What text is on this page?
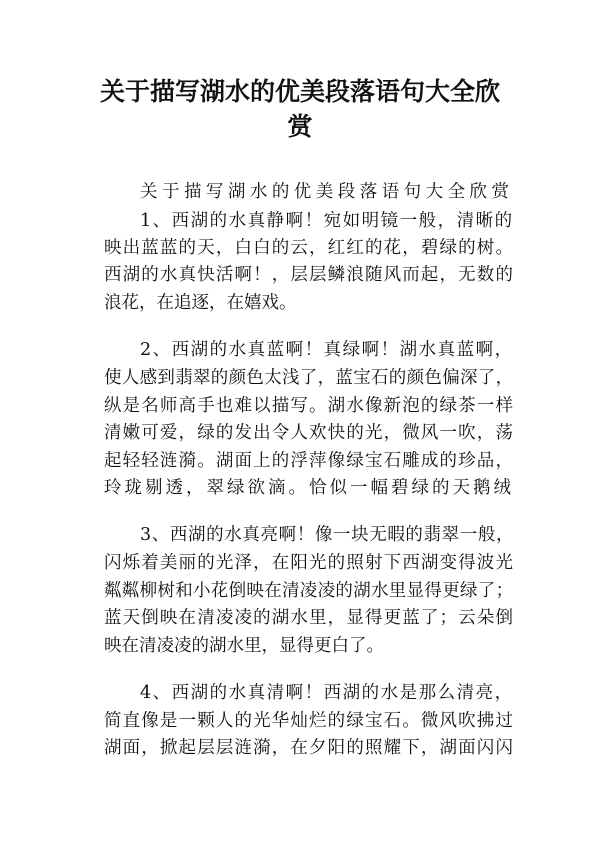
关于描写湖水的优美段落语句大全欣
赏
关于描写湖水的优美段落语句大全欣赏
1、西湖的水真静啊！宛如明镜一般，清晰的
映出蓝蓝的天，白白的云，红红的花，碧绿的树。
西湖的水真快活啊！，层层鳞浪随风而起，无数的
浪花，在追逐，在嬉戏。
2、西湖的水真蓝啊！真绿啊！湖水真蓝啊，
使人感到翡翠的颜色太浅了，蓝宝石的颜色偏深了，
纵是名师高手也难以描写。湖水像新泡的绿茶一样
清嫩可爱，绿的发出令人欢快的光，微风一吹，荡
起轻轻涟漪。湖面上的浮萍像绿宝石雕成的珍品，
玲珑剔透，翠绿欲滴。恰似一幅碧绿的天鹅绒
3、西湖的水真亮啊！像一块无暇的翡翠一般，
闪烁着美丽的光泽，在阳光的照射下西湖变得波光
粼粼柳树和小花倒映在清凌凌的湖水里显得更绿了；
蓝天倒映在清凌凌的湖水里，显得更蓝了；云朵倒
映在清凌凌的湖水里，显得更白了。
4、西湖的水真清啊！西湖的水是那么清亮，
简直像是一颗人的光华灿烂的绿宝石。微风吹拂过
湖面，掀起层层涟漪，在夕阳的照耀下，湖面闪闪
